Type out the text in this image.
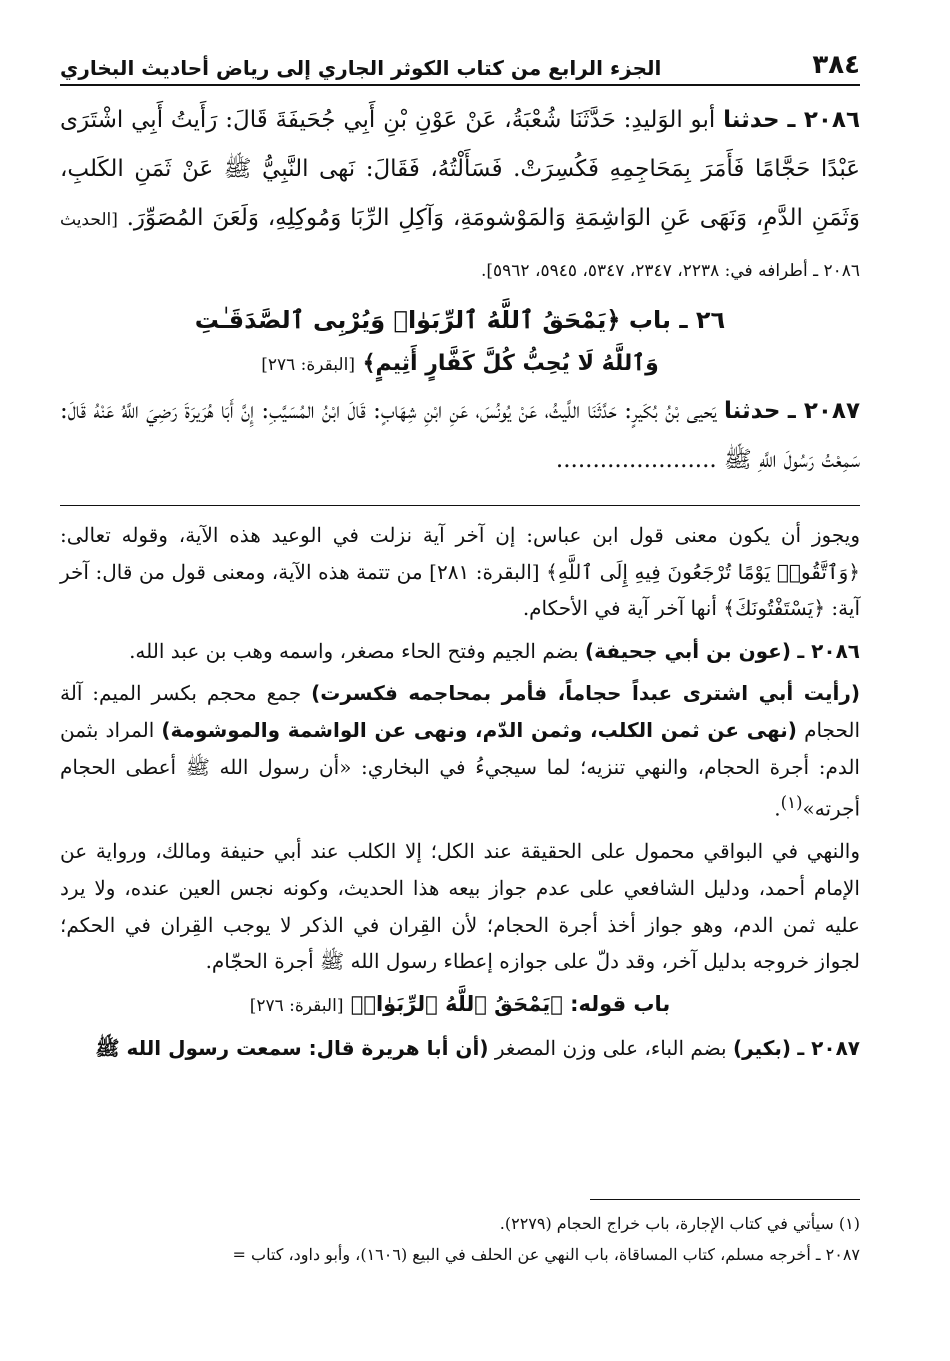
٣٨٤
الجزء الرابع من كتاب الكوثر الجاري إلى رياض أحاديث البخاري

٢٠٨٦ ـ حدثنا أبو الوَليدِ: حَدَّثَنَا شُعْبَةُ، عَنْ عَوْنِ بْنِ أَبِي جُحَيفَةَ قَالَ: رَأَيتُ أَبِي اشْتَرَى عَبْدًا حَجَّامًا فَأَمَرَ بِمَحَاجِمِهِ فَكُسِرَتْ. فَسَأَلْتُهُ، فَقَالَ: نَهى النَّبِيُّ ﷺ عَنْ ثَمَنِ الكَلبِ، وَثَمَنِ الدَّمِ، وَنَهَى عَنِ الوَاشِمَةِ وَالمَوْشومَةِ، وَآكِلِ الرِّبَا وَمُوكِلِهِ، وَلَعَنَ المُصَوِّرَ. [الحديث ٢٠٨٦ ـ أطرافه في: ٢٢٣٨، ٢٣٤٧، ٥٣٤٧، ٥٩٤٥، ٥٩٦٢].

٢٦ ـ باب ﴿يَمْحَقُ ٱللَّهُ ٱلرِّبَوٰا۟ وَيُرْبِى ٱلصَّدَقَـٰتِ
وَٱللَّهُ لَا يُحِبُّ كُلَّ كَفَّارٍ أَثِيمٍ﴾ [البقرة: ٢٧٦]

٢٠٨٧ ـ حدثنا يَحيى بْنُ بُكَيرٍ: حَدَّثَنَا اللَّيثُ، عَنْ يُونُسَ، عَنِ ابْنِ شِهَابٍ: قَالَ ابْنُ المُسَيَّبِ: إِنَّ أَبَا هُرَيرَةَ رَضِيَ اللَّهُ عَنْهُ قَالَ: سَمِعْتُ رَسُولَ اللَّهِ ﷺ ......................

ويجوز أن يكون معنى قول ابن عباس: إن آخر آية نزلت في الوعيد هذه الآية، وقوله تعالى: ﴿وَٱتَّقُوا۟ يَوْمًا تُرْجَعُونَ فِيهِ إِلَى ٱللَّهِ﴾ [البقرة: ٢٨١] من تتمة هذه الآية، ومعنى قول من قال: آخر آية: ﴿يَسْتَفْتُونَكَ﴾ أنها آخر آية في الأحكام.

٢٠٨٦ ـ (عون بن أبي جحيفة) بضم الجيم وفتح الحاء مصغر، واسمه وهب بن عبد الله.

(رأيت أبي اشترى عبداً حجاماً، فأمر بمحاجمه فكسرت) جمع محجم بكسر الميم: آلة الحجام (نهى عن ثمن الكلب، وثمن الدّم، ونهى عن الواشمة والموشومة) المراد بثمن الدم: أجرة الحجام، والنهي تنزيه؛ لما سيجيءُ في البخاري: «أن رسول الله ﷺ أعطى الحجام أجرته»$^{(١)}$.

والنهي في البواقي محمول على الحقيقة عند الكل؛ إلا الكلب عند أبي حنيفة ومالك، ورواية عن الإمام أحمد، ودليل الشافعي على عدم جواز بيعه هذا الحديث، وكونه نجس العين عنده، ولا يرد عليه ثمن الدم، وهو جواز أخذ أجرة الحجام؛ لأن القِران في الذكر لا يوجب القِران في الحكم؛ لجواز خروجه بدليل آخر، وقد دلّ على جوازه إعطاء رسول الله ﷺ أجرة الحجّام.

باب قوله: ﴿يَمْحَقُ ٱللَّهُ ٱلرِّبَوٰا۟﴾ [البقرة: ٢٧٦]

٢٠٨٧ ـ (بكير) بضم الباء، على وزن المصغر (أن أبا هريرة قال: سمعت رسول الله ﷺ

(١) سيأتي في كتاب الإجارة، باب خراج الحجام (٢٢٧٩).

٢٠٨٧ ـ أخرجه مسلم، كتاب المساقاة، باب النهي عن الحلف في البيع (١٦٠٦)، وأبو داود، كتاب =
